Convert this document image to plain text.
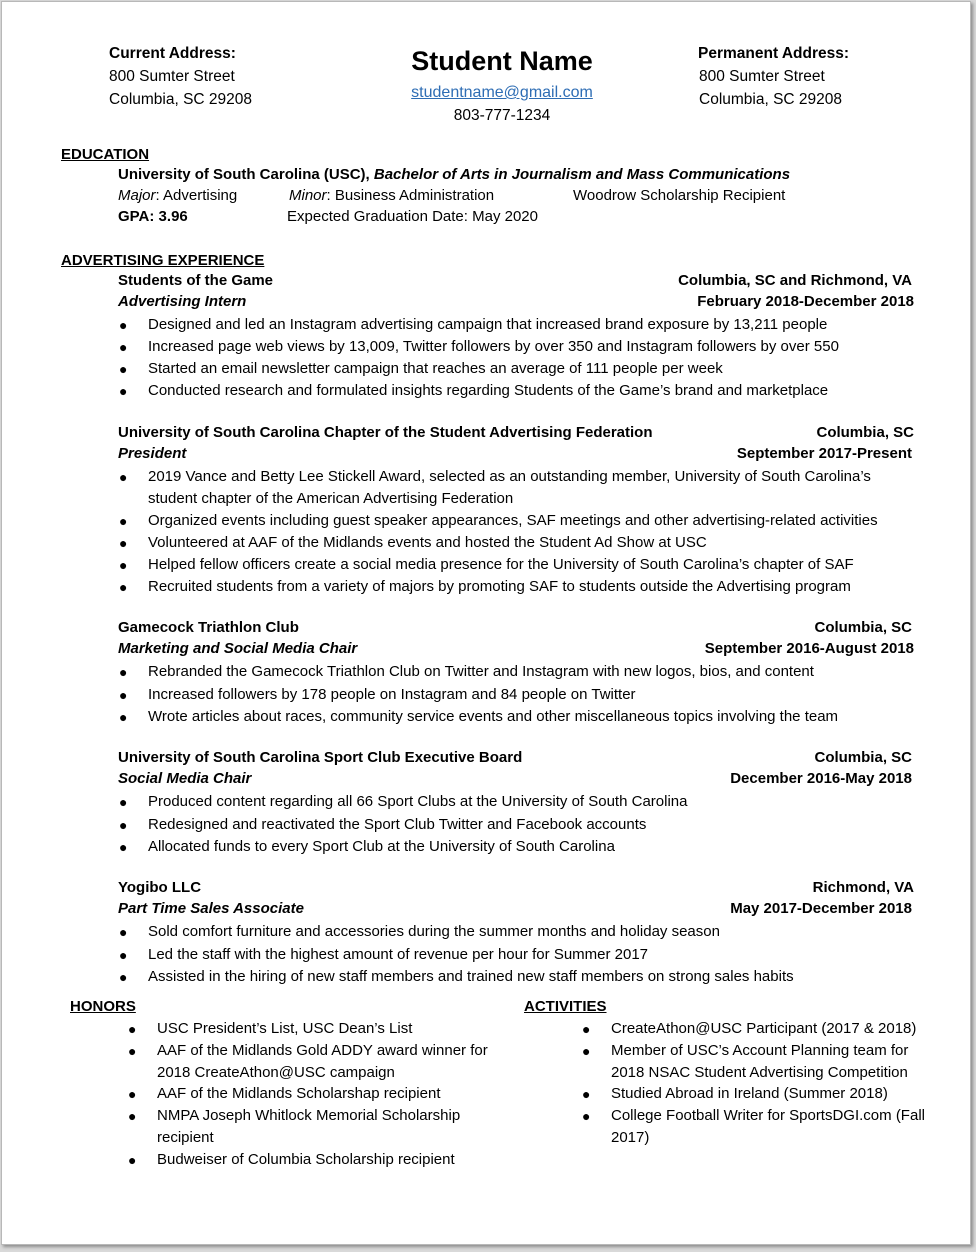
Current Address:
800 Sumter Street
Columbia, SC 29208
Student Name
studentname@gmail.com
803-777-1234
Permanent Address:
800 Sumter Street
Columbia, SC 29208
EDUCATION
University of South Carolina (USC), Bachelor of Arts in Journalism and Mass Communications
Major: Advertising	Minor: Business Administration	Woodrow Scholarship Recipient
GPA: 3.96	Expected Graduation Date: May 2020
ADVERTISING EXPERIENCE
Students of the Game	Columbia, SC and Richmond, VA
Advertising Intern	February 2018-December 2018
● Designed and led an Instagram advertising campaign that increased brand exposure by 13,211 people
● Increased page web views by 13,009, Twitter followers by over 350 and Instagram followers by over 550
● Started an email newsletter campaign that reaches an average of 111 people per week
● Conducted research and formulated insights regarding Students of the Game’s brand and marketplace
University of South Carolina Chapter of the Student Advertising Federation	Columbia, SC
President	September 2017-Present
● 2019 Vance and Betty Lee Stickell Award, selected as an outstanding member, University of South Carolina’s
student chapter of the American Advertising Federation
● Organized events including guest speaker appearances, SAF meetings and other advertising-related activities
● Volunteered at AAF of the Midlands events and hosted the Student Ad Show at USC
● Helped fellow officers create a social media presence for the University of South Carolina’s chapter of SAF
● Recruited students from a variety of majors by promoting SAF to students outside the Advertising program
Gamecock Triathlon Club	Columbia, SC
Marketing and Social Media Chair	September 2016-August 2018
● Rebranded the Gamecock Triathlon Club on Twitter and Instagram with new logos, bios, and content
● Increased followers by 178 people on Instagram and 84 people on Twitter
● Wrote articles about races, community service events and other miscellaneous topics involving the team
University of South Carolina Sport Club Executive Board	Columbia, SC
Social Media Chair	December 2016-May 2018
● Produced content regarding all 66 Sport Clubs at the University of South Carolina
● Redesigned and reactivated the Sport Club Twitter and Facebook accounts
● Allocated funds to every Sport Club at the University of South Carolina
Yogibo LLC	Richmond, VA
Part Time Sales Associate	May 2017-December 2018
● Sold comfort furniture and accessories during the summer months and holiday season
● Led the staff with the highest amount of revenue per hour for Summer 2017
● Assisted in the hiring of new staff members and trained new staff members on strong sales habits
HONORS
● USC President’s List, USC Dean’s List
● AAF of the Midlands Gold ADDY award winner for 2018 CreateAthon@USC campaign
● AAF of the Midlands Scholarshap recipient
● NMPA Joseph Whitlock Memorial Scholarship recipient
● Budweiser of Columbia Scholarship recipient
ACTIVITIES
● CreateAthon@USC Participant (2017 & 2018)
● Member of USC’s Account Planning team for 2018 NSAC Student Advertising Competition
● Studied Abroad in Ireland (Summer 2018)
● College Football Writer for SportsDGI.com (Fall 2017)
